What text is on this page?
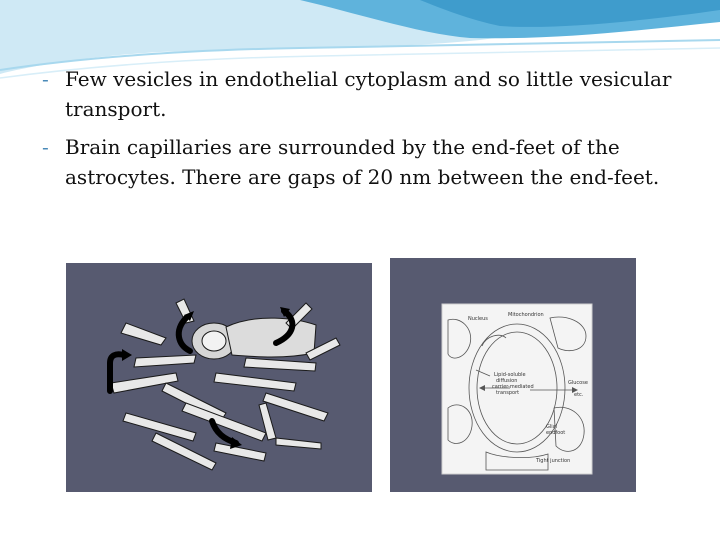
- Few vesicles in endothelial cytoplasm and so little vesicular transport.
- Brain capillaries are surrounded by the end-feet of the astrocytes. There are gaps of 20 nm between the end-feet.
Nucleus
Mitochondrion
Lipid-soluble
diffusion
carrier-mediated
transport
Glucose
etc.
Glial
endfoot
Tight junction
